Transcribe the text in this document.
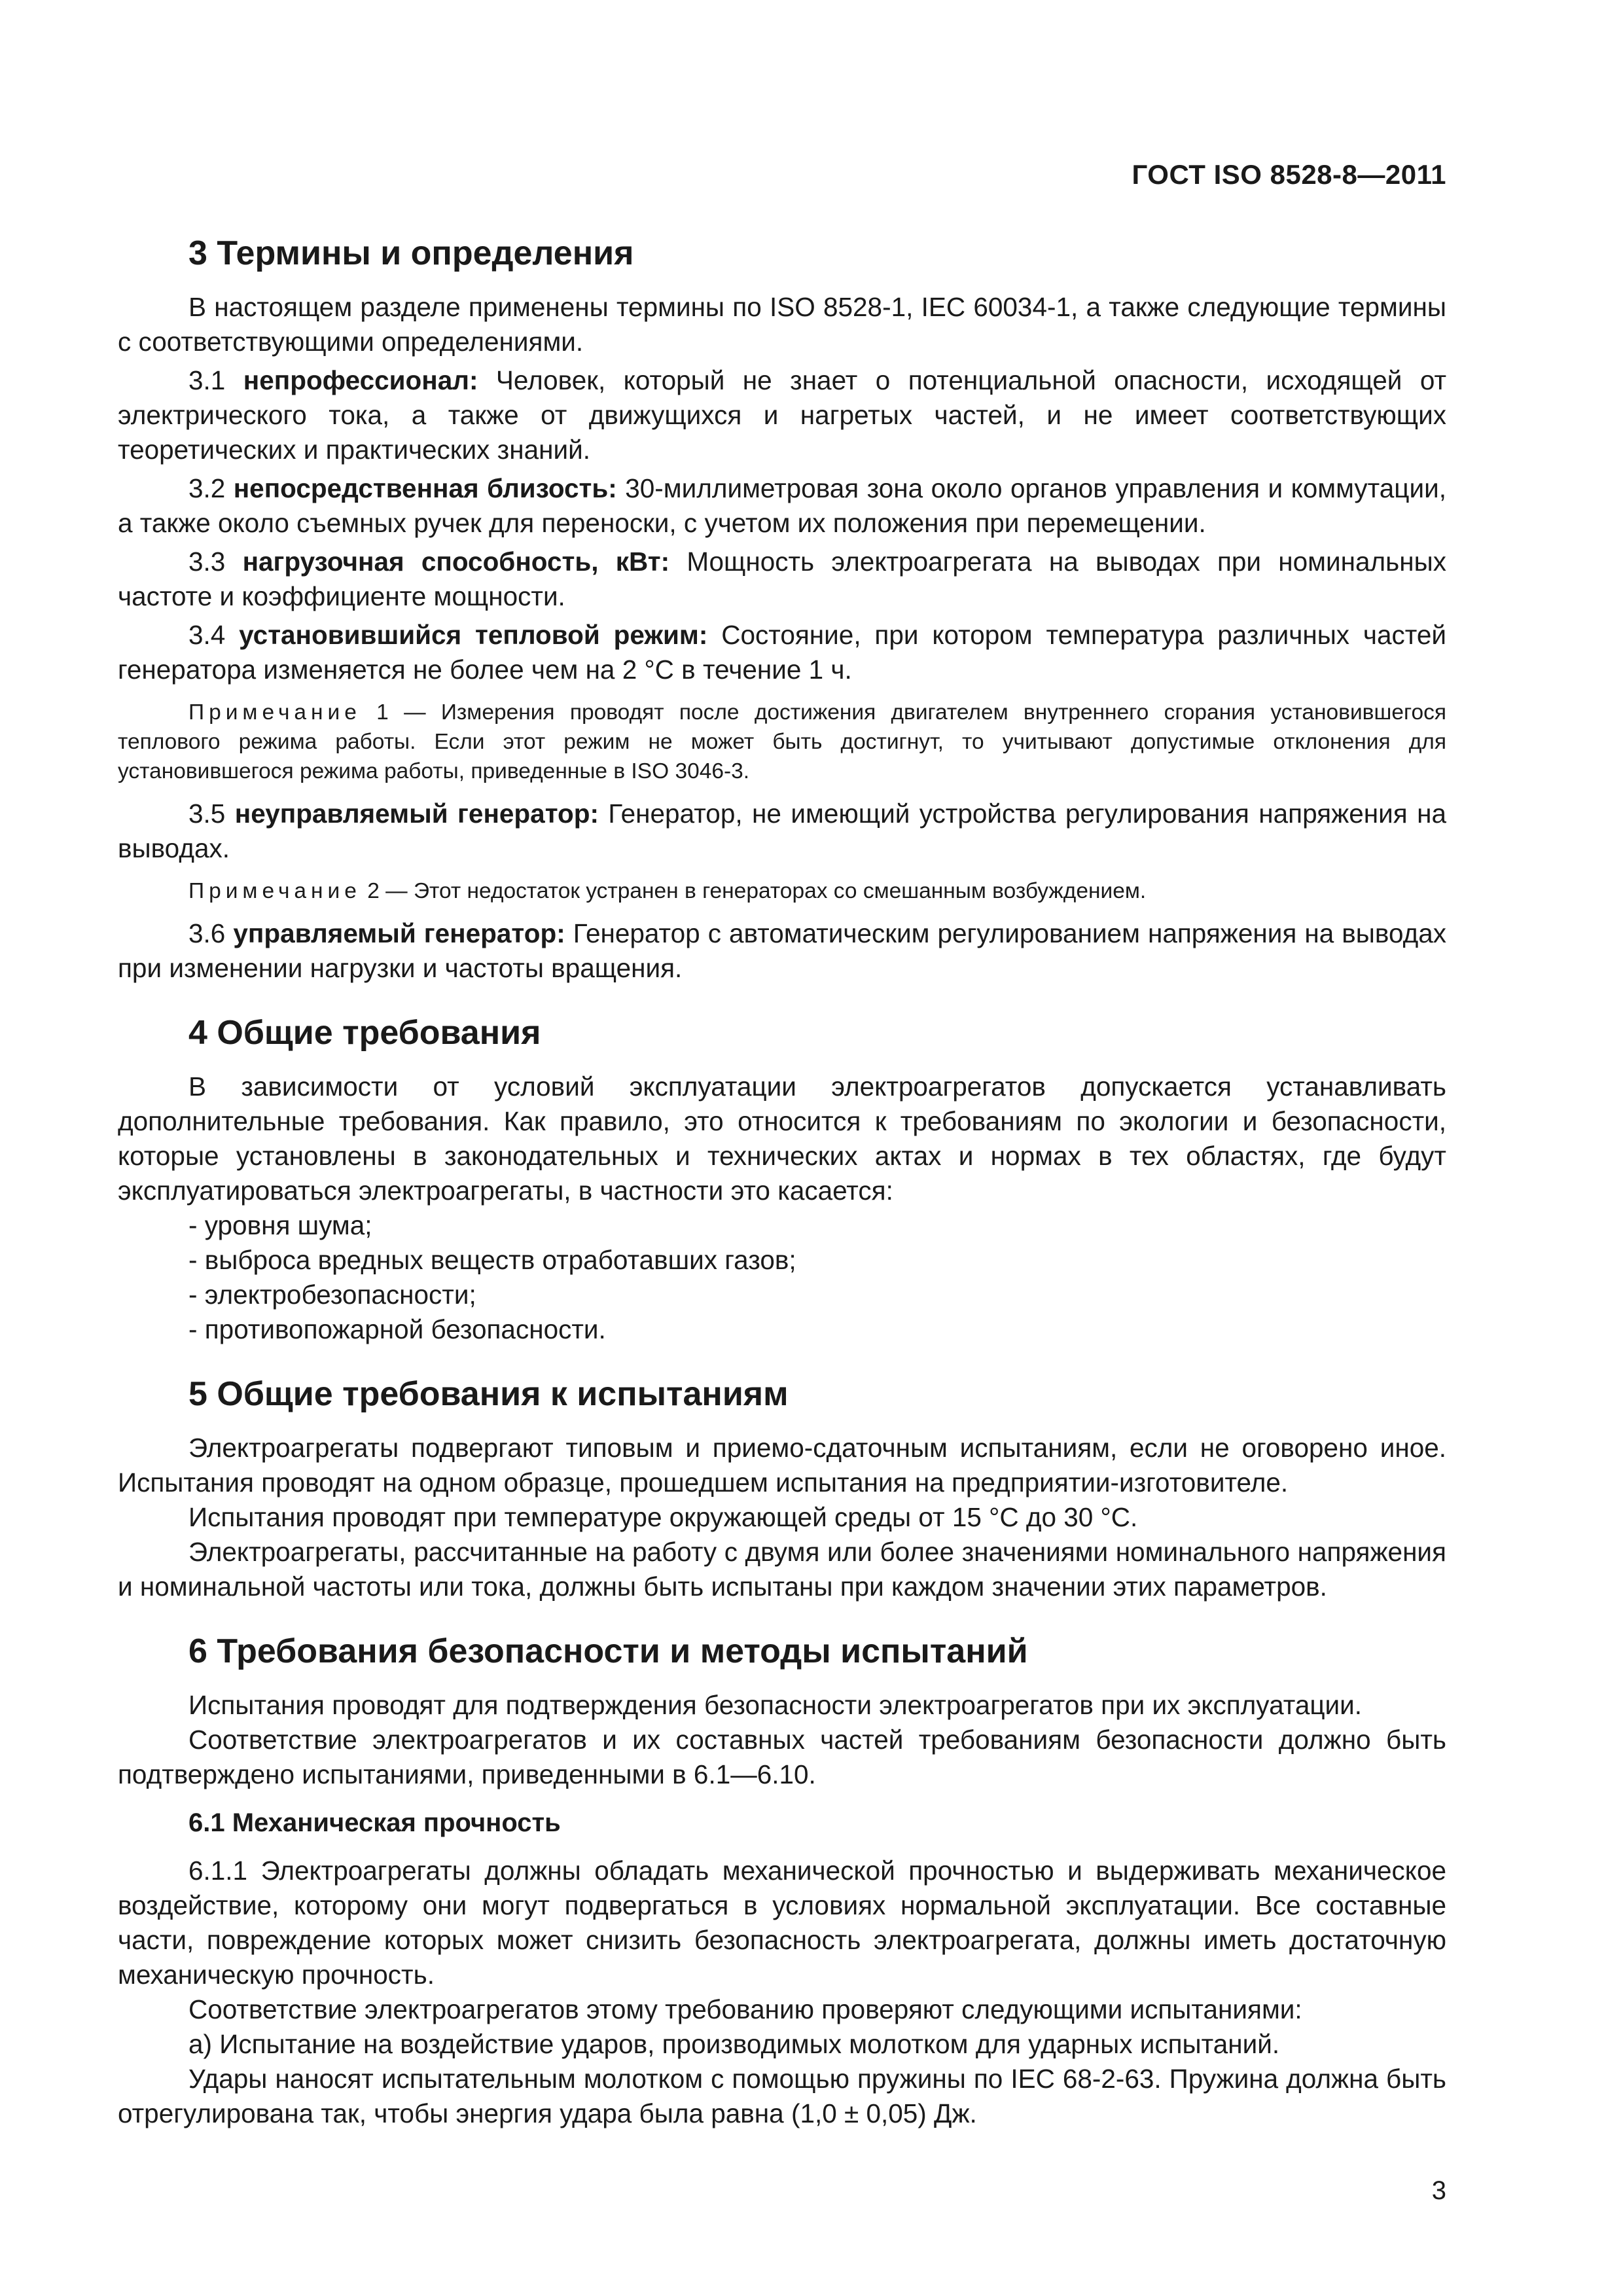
ГОСТ ISO 8528-8—2011
3 Термины и определения

В настоящем разделе применены термины по ISO 8528-1, IEC 60034-1, а также следующие термины с соответствующими определениями.

3.1 непрофессионал: Человек, который не знает о потенциальной опасности, исходящей от электрического тока, а также от движущихся и нагретых частей, и не имеет соответствующих теоретических и практических знаний.

3.2 непосредственная близость: 30-миллиметровая зона около органов управления и коммутации, а также около съемных ручек для переноски, с учетом их положения при перемещении.

3.3 нагрузочная способность, кВт: Мощность электроагрегата на выводах при номинальных частоте и коэффициенте мощности.

3.4 установившийся тепловой режим: Состояние, при котором температура различных частей генератора изменяется не более чем на 2 °С в течение 1 ч.

Примечание 1 — Измерения проводят после достижения двигателем внутреннего сгорания установившегося теплового режима работы. Если этот режим не может быть достигнут, то учитывают допустимые отклонения для установившегося режима работы, приведенные в ISO 3046-3.

3.5 неуправляемый генератор: Генератор, не имеющий устройства регулирования напряжения на выводах.

Примечание 2 — Этот недостаток устранен в генераторах со смешанным возбуждением.

3.6 управляемый генератор: Генератор с автоматическим регулированием напряжения на выводах при изменении нагрузки и частоты вращения.

4 Общие требования

В зависимости от условий эксплуатации электроагрегатов допускается устанавливать дополнительные требования. Как правило, это относится к требованиям по экологии и безопасности, которые установлены в законодательных и технических актах и нормах в тех областях, где будут эксплуатироваться электроагрегаты, в частности это касается:

- уровня шума;
- выброса вредных веществ отработавших газов;
- электробезопасности;
- противопожарной безопасности.
5 Общие требования к испытаниям

Электроагрегаты подвергают типовым и приемо-сдаточным испытаниям, если не оговорено иное. Испытания проводят на одном образце, прошедшем испытания на предприятии-изготовителе.

Испытания проводят при температуре окружающей среды от 15 °С до 30 °С.

Электроагрегаты, рассчитанные на работу с двумя или более значениями номинального напряжения и номинальной частоты или тока, должны быть испытаны при каждом значении этих параметров.

6 Требования безопасности и методы испытаний

Испытания проводят для подтверждения безопасности электроагрегатов при их эксплуатации.

Соответствие электроагрегатов и их составных частей требованиям безопасности должно быть подтверждено испытаниями, приведенными в 6.1—6.10.

6.1 Механическая прочность

6.1.1 Электроагрегаты должны обладать механической прочностью и выдерживать механическое воздействие, которому они могут подвергаться в условиях нормальной эксплуатации. Все составные части, повреждение которых может снизить безопасность электроагрегата, должны иметь достаточную механическую прочность.

Соответствие электроагрегатов этому требованию проверяют следующими испытаниями:

a) Испытание на воздействие ударов, производимых молотком для ударных испытаний.

Удары наносят испытательным молотком с помощью пружины по IEC 68-2-63. Пружина должна быть отрегулирована так, чтобы энергия удара была равна (1,0 ± 0,05) Дж.

3
